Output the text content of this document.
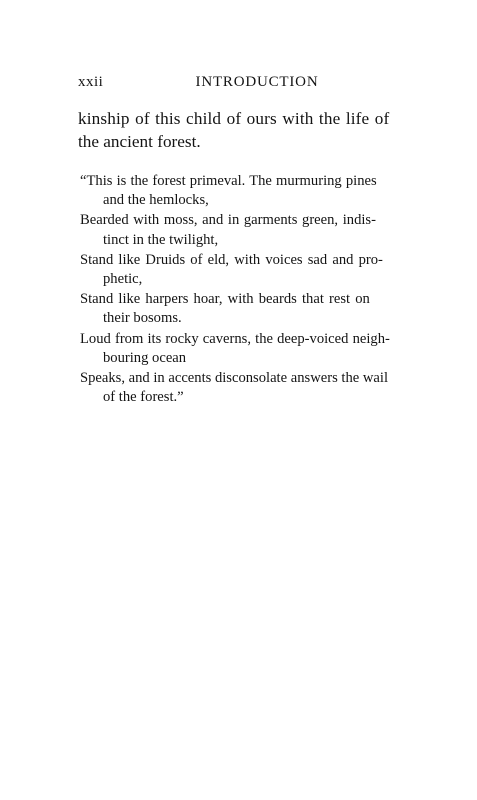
xxii	INTRODUCTION
kinship of this child of ours with the life of
the ancient forest.
“This is the forest primeval. The murmuring pines
and the hemlocks,
Bearded with moss, and in garments green, indis-
tinct in the twilight,
Stand like Druids of eld, with voices sad and pro-
phetic,
Stand like harpers hoar, with beards that rest on
their bosoms.
Loud from its rocky caverns, the deep-voiced neigh-
bouring ocean
Speaks, and in accents disconsolate answers the wail
of the forest.”
